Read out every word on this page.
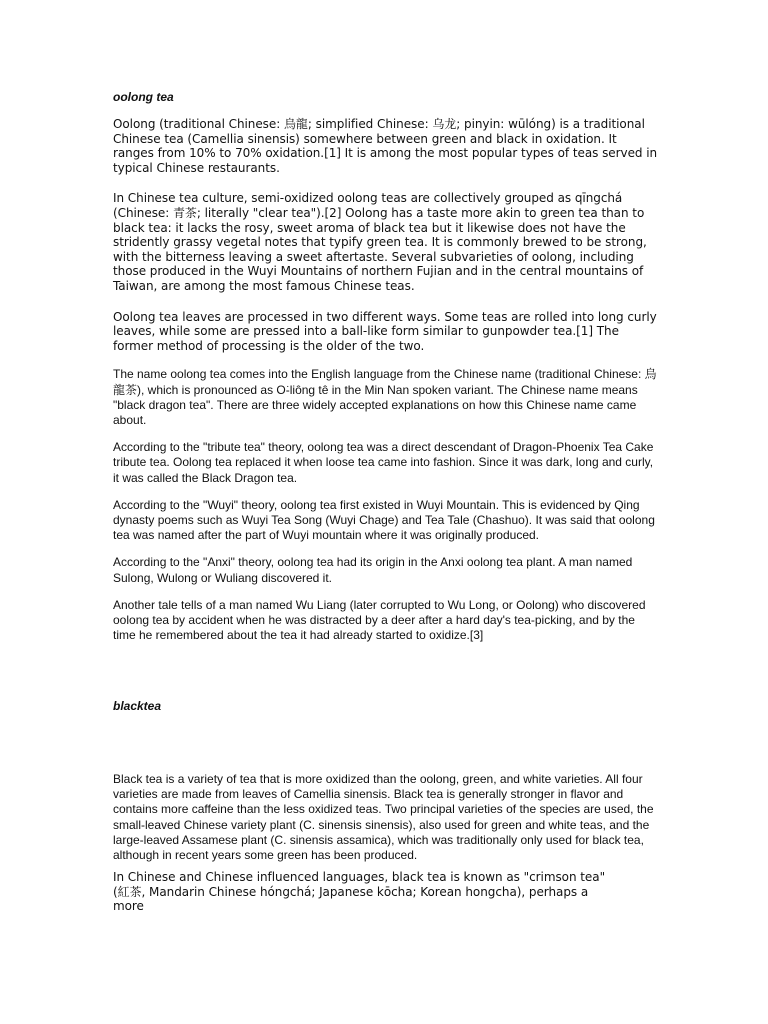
oolong tea

Oolong (traditional Chinese: 烏龍; simplified Chinese: 乌龙; pinyin: wūlóng) is a traditional Chinese tea (Camellia sinensis) somewhere between green and black in oxidation. It ranges from 10% to 70% oxidation.[1] It is among the most popular types of teas served in typical Chinese restaurants.

In Chinese tea culture, semi-oxidized oolong teas are collectively grouped as qīngchá (Chinese: 青茶; literally "clear tea").[2] Oolong has a taste more akin to green tea than to black tea: it lacks the rosy, sweet aroma of black tea but it likewise does not have the stridently grassy vegetal notes that typify green tea. It is commonly brewed to be strong, with the bitterness leaving a sweet aftertaste. Several subvarieties of oolong, including those produced in the Wuyi Mountains of northern Fujian and in the central mountains of Taiwan, are among the most famous Chinese teas.

Oolong tea leaves are processed in two different ways. Some teas are rolled into long curly leaves, while some are pressed into a ball-like form similar to gunpowder tea.[1] The former method of processing is the older of the two.

The name oolong tea comes into the English language from the Chinese name (traditional Chinese: 烏龍茶), which is pronounced as O͘-liông tê in the Min Nan spoken variant. The Chinese name means "black dragon tea". There are three widely accepted explanations on how this Chinese name came about.

According to the "tribute tea" theory, oolong tea was a direct descendant of Dragon-Phoenix Tea Cake tribute tea. Oolong tea replaced it when loose tea came into fashion. Since it was dark, long and curly, it was called the Black Dragon tea.

According to the "Wuyi" theory, oolong tea first existed in Wuyi Mountain. This is evidenced by Qing dynasty poems such as Wuyi Tea Song (Wuyi Chage) and Tea Tale (Chashuo). It was said that oolong tea was named after the part of Wuyi mountain where it was originally produced.

According to the "Anxi" theory, oolong tea had its origin in the Anxi oolong tea plant. A man named Sulong, Wulong or Wuliang discovered it.

Another tale tells of a man named Wu Liang (later corrupted to Wu Long, or Oolong) who discovered oolong tea by accident when he was distracted by a deer after a hard day's tea-picking, and by the time he remembered about the tea it had already started to oxidize.[3]

blacktea

Black tea is a variety of tea that is more oxidized than the oolong, green, and white varieties. All four varieties are made from leaves of Camellia sinensis. Black tea is generally stronger in flavor and contains more caffeine than the less oxidized teas. Two principal varieties of the species are used, the small-leaved Chinese variety plant (C. sinensis sinensis), also used for green and white teas, and the large-leaved Assamese plant (C. sinensis assamica), which was traditionally only used for black tea, although in recent years some green has been produced.

In Chinese and Chinese influenced languages, black tea is known as "crimson tea" (紅茶, Mandarin Chinese hóngchá; Japanese kōcha; Korean hongcha), perhaps a more
